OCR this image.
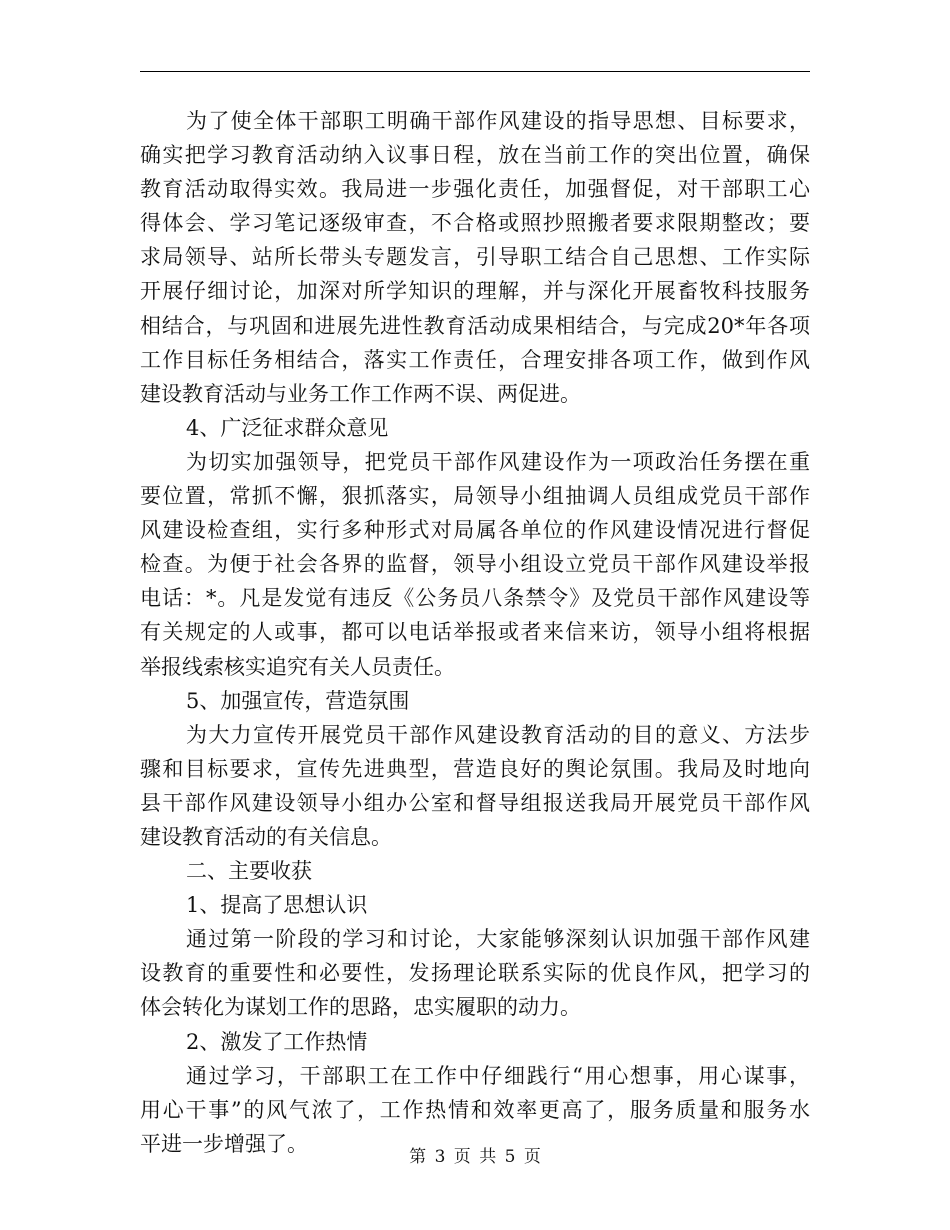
为了使全体干部职工明确干部作风建设的指导思想、目标要求，
确实把学习教育活动纳入议事日程，放在当前工作的突出位置，确保
教育活动取得实效。我局进一步强化责任，加强督促，对干部职工心
得体会、学习笔记逐级审查，不合格或照抄照搬者要求限期整改；要
求局领导、站所长带头专题发言，引导职工结合自己思想、工作实际
开展仔细讨论，加深对所学知识的理解，并与深化开展畜牧科技服务
相结合，与巩固和进展先进性教育活动成果相结合，与完成20*年各项
工作目标任务相结合，落实工作责任，合理安排各项工作，做到作风
建设教育活动与业务工作工作两不误、两促进。
4、广泛征求群众意见
为切实加强领导，把党员干部作风建设作为一项政治任务摆在重
要位置，常抓不懈，狠抓落实，局领导小组抽调人员组成党员干部作
风建设检查组，实行多种形式对局属各单位的作风建设情况进行督促
检查。为便于社会各界的监督，领导小组设立党员干部作风建设举报
电话：*。凡是发觉有违反《公务员八条禁令》及党员干部作风建设等
有关规定的人或事，都可以电话举报或者来信来访，领导小组将根据
举报线索核实追究有关人员责任。
5、加强宣传，营造氛围
为大力宣传开展党员干部作风建设教育活动的目的意义、方法步
骤和目标要求，宣传先进典型，营造良好的舆论氛围。我局及时地向
县干部作风建设领导小组办公室和督导组报送我局开展党员干部作风
建设教育活动的有关信息。
二、主要收获
1、提高了思想认识
通过第一阶段的学习和讨论，大家能够深刻认识加强干部作风建
设教育的重要性和必要性，发扬理论联系实际的优良作风，把学习的
体会转化为谋划工作的思路，忠实履职的动力。
2、激发了工作热情
通过学习，干部职工在工作中仔细践行“用心想事，用心谋事，
用心干事”的风气浓了，工作热情和效率更高了，服务质量和服务水
平进一步增强了。
第 3 页 共 5 页
